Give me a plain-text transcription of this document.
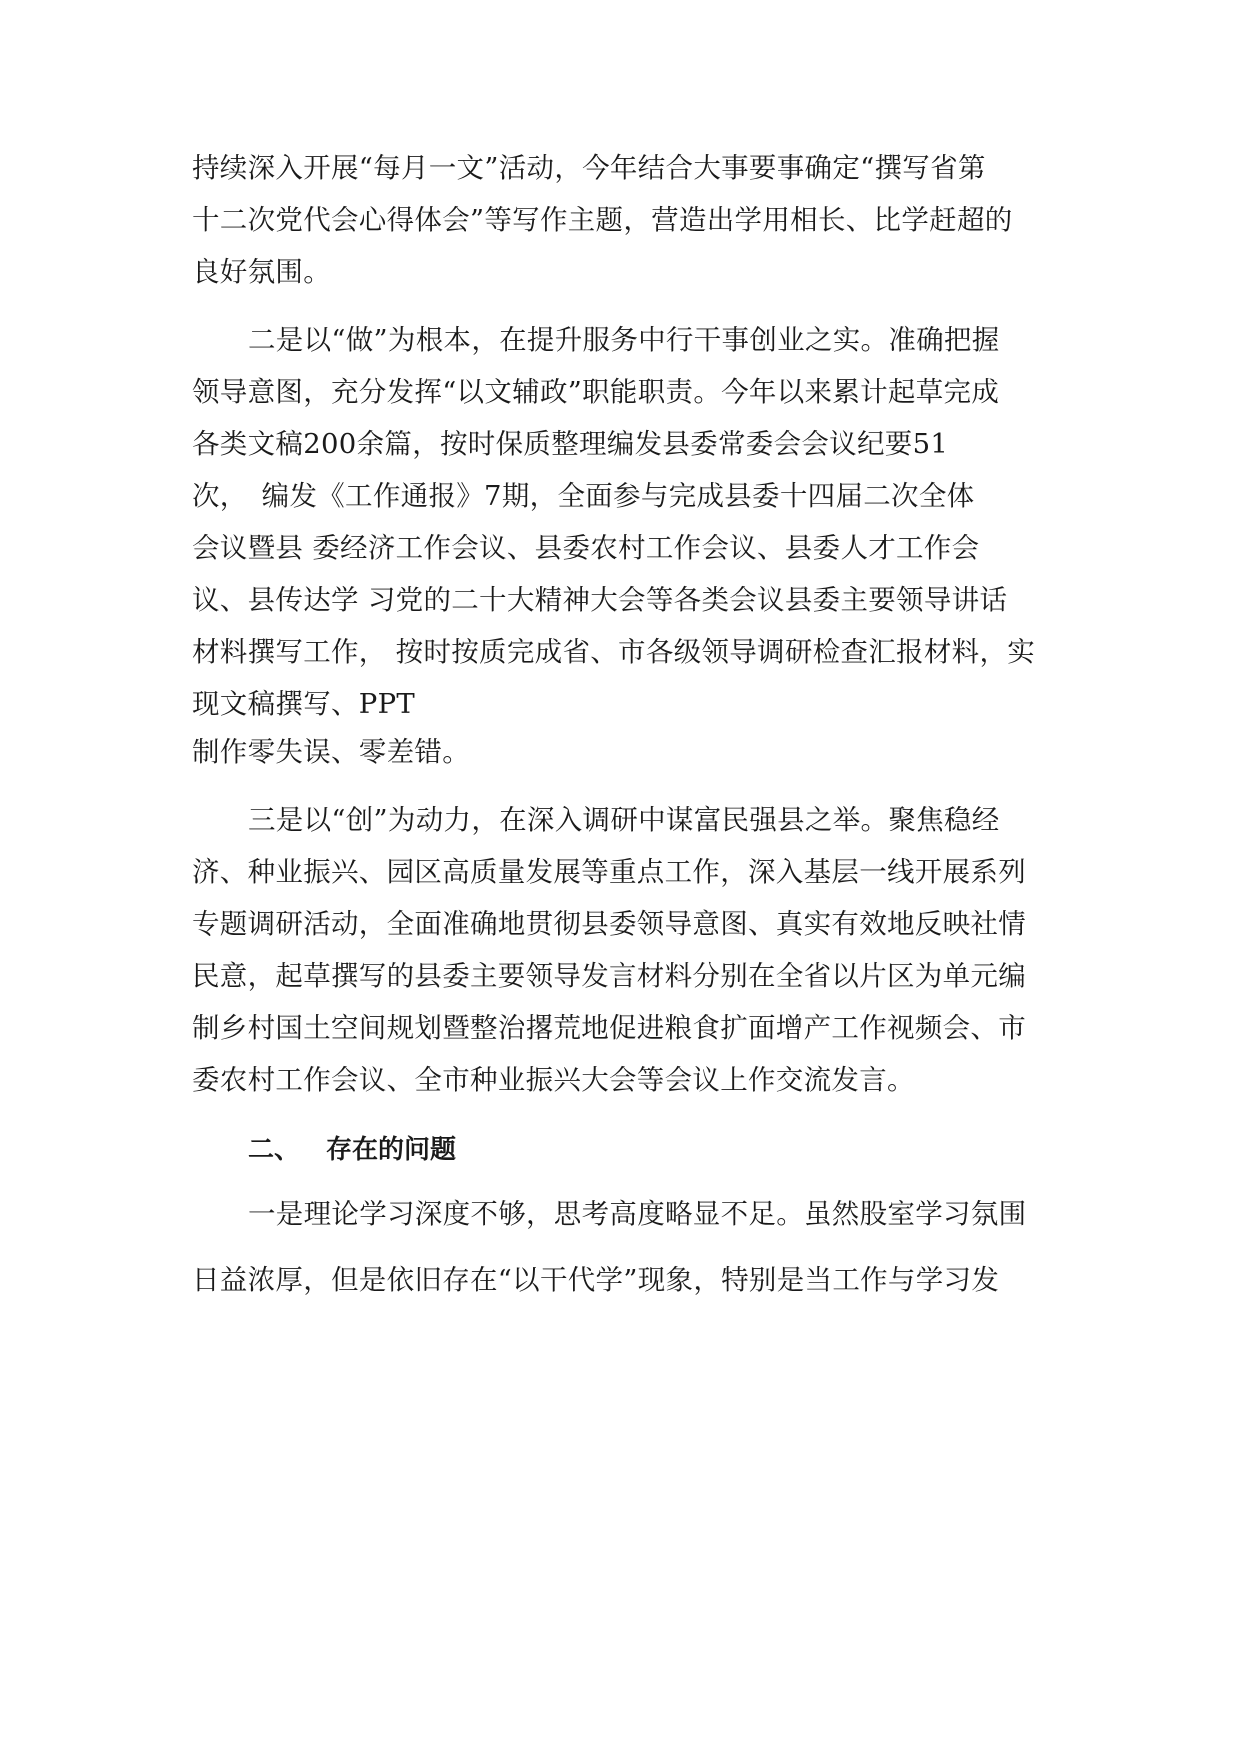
持续深入开展“每月一文”活动，今年结合大事要事确定“撰写省第
十二次党代会心得体会”等写作主题，营造出学用相长、比学赶超的
良好氛围。
二是以“做”为根本，在提升服务中行干事创业之实。准确把握
领导意图，充分发挥“以文辅政”职能职责。今年以来累计起草完成
各类文稿200余篇，按时保质整理编发县委常委会会议纪要51
次，　编发《工作通报》7期，全面参与完成县委十四届二次全体
会议暨县 委经济工作会议、县委农村工作会议、县委人才工作会
议、县传达学 习党的二十大精神大会等各类会议县委主要领导讲话
材料撰写工作， 按时按质完成省、市各级领导调研检查汇报材料，实
现文稿撰写、PPT
制作零失误、零差错。
三是以“创”为动力，在深入调研中谋富民强县之举。聚焦稳经
济、种业振兴、园区高质量发展等重点工作，深入基层一线开展系列
专题调研活动，全面准确地贯彻县委领导意图、真实有效地反映社情
民意，起草撰写的县委主要领导发言材料分别在全省以片区为单元编
制乡村国土空间规划暨整治撂荒地促进粮食扩面增产工作视频会、市
委农村工作会议、全市种业振兴大会等会议上作交流发言。
二、 存在的问题
一是理论学习深度不够，思考高度略显不足。虽然股室学习氛围
日益浓厚，但是依旧存在“以干代学”现象，特别是当工作与学习发
